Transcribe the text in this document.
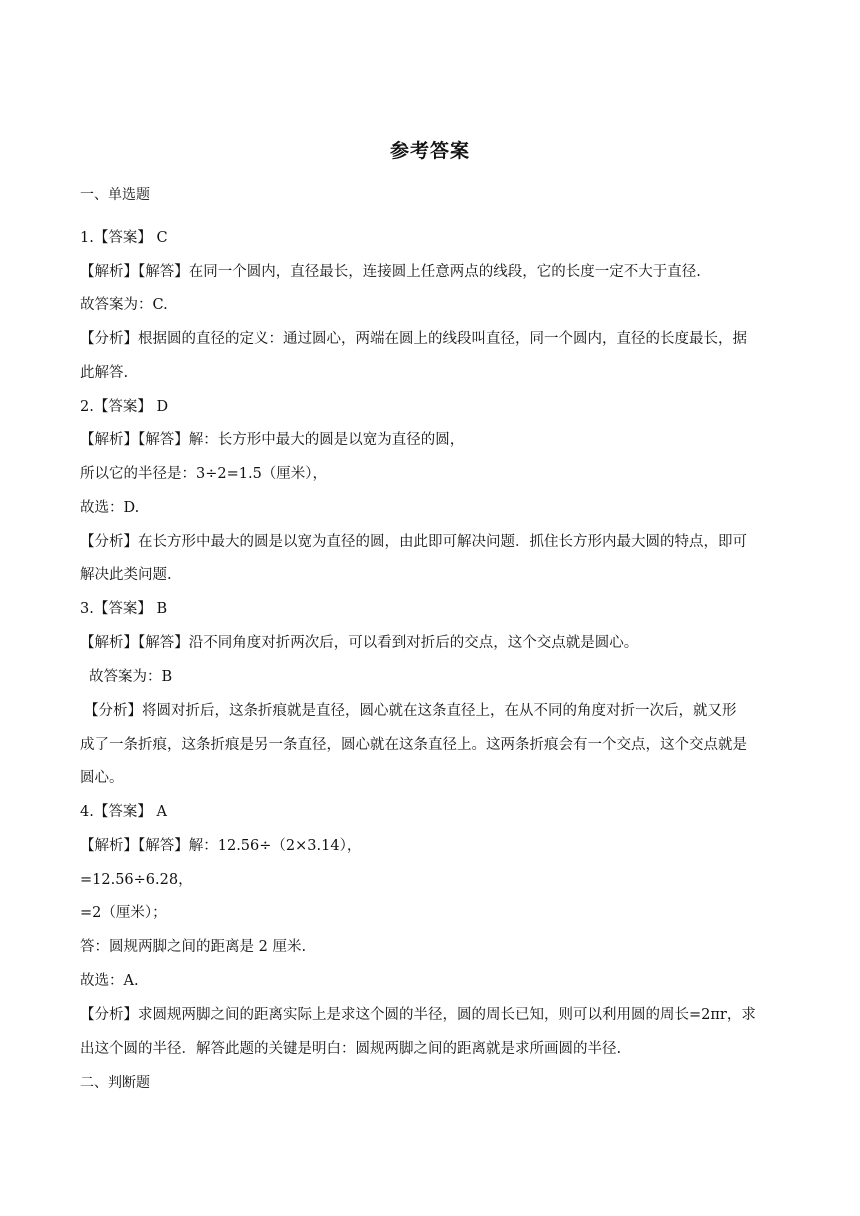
参考答案
一、单选题
1.【答案】 C
【解析】【解答】在同一个圆内，直径最长，连接圆上任意两点的线段，它的长度一定不大于直径.
故答案为：C.
【分析】根据圆的直径的定义：通过圆心，两端在圆上的线段叫直径，同一个圆内，直径的长度最长，据
此解答.
2.【答案】 D
【解析】【解答】解：长方形中最大的圆是以宽为直径的圆，
所以它的半径是：3÷2=1.5（厘米），
故选：D.
【分析】在长方形中最大的圆是以宽为直径的圆，由此即可解决问题．抓住长方形内最大圆的特点，即可
解决此类问题.
3.【答案】 B
【解析】【解答】沿不同角度对折两次后，可以看到对折后的交点，这个交点就是圆心。
故答案为：B
【分析】将圆对折后，这条折痕就是直径，圆心就在这条直径上，在从不同的角度对折一次后，就又形
成了一条折痕，这条折痕是另一条直径，圆心就在这条直径上。这两条折痕会有一个交点，这个交点就是
圆心。
4.【答案】 A
【解析】【解答】解：12.56÷（2×3.14），
=12.56÷6.28，
=2（厘米）；
答：圆规两脚之间的距离是 2 厘米.
故选：A.
【分析】求圆规两脚之间的距离实际上是求这个圆的半径，圆的周长已知，则可以利用圆的周长=2πr，求
出这个圆的半径．解答此题的关键是明白：圆规两脚之间的距离就是求所画圆的半径.
二、判断题
